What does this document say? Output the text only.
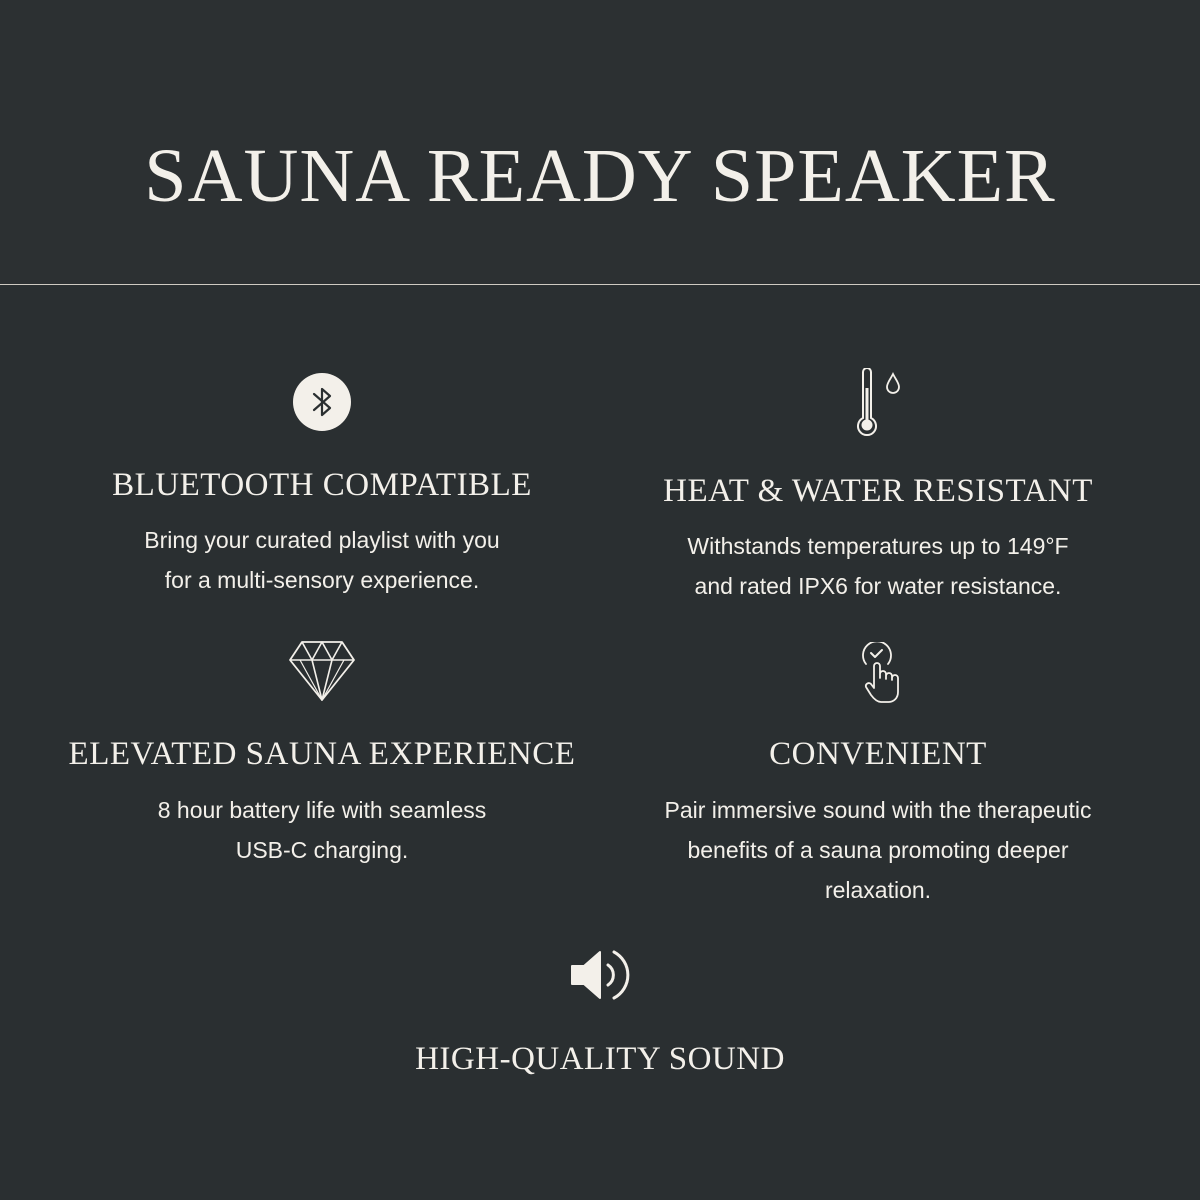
SAUNA READY SPEAKER
BLUETOOTH COMPATIBLE
Bring your curated playlist with you
for a multi-sensory experience.
HEAT & WATER RESISTANT
Withstands temperatures up to 149°F
and rated IPX6 for water resistance.
ELEVATED SAUNA EXPERIENCE
8 hour battery life with seamless
USB-C charging.
CONVENIENT
Pair immersive sound with the therapeutic
benefits of a sauna promoting deeper
relaxation.
HIGH-QUALITY SOUND
